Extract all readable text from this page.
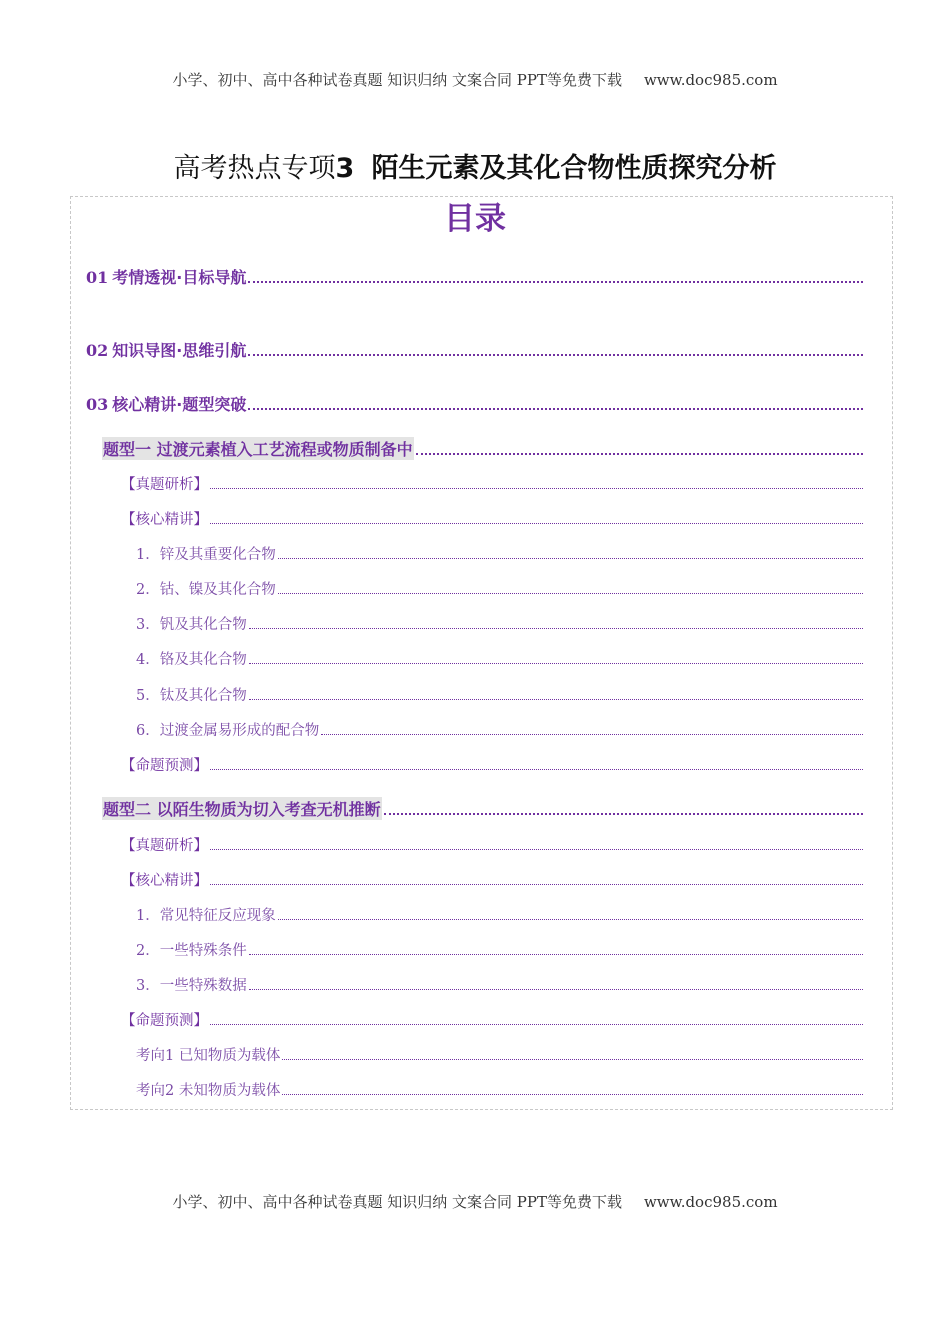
小学、初中、高中各种试卷真题 知识归纳 文案合同 PPT等免费下载 www.doc985.com
高考热点专项3 陌生元素及其化合物性质探究分析
目录
01 考情透视·目标导航
02 知识导图·思维引航
03 核心精讲·题型突破
题型一 过渡元素植入工艺流程或物质制备中
【真题研析】
【核心精讲】
1．锌及其重要化合物
2．钴、镍及其化合物
3．钒及其化合物
4．铬及其化合物
5．钛及其化合物
6．过渡金属易形成的配合物
【命题预测】
题型二 以陌生物质为切入考查无机推断
【真题研析】
【核心精讲】
1．常见特征反应现象
2．一些特殊条件
3．一些特殊数据
【命题预测】
考向1 已知物质为载体
考向2 未知物质为载体
小学、初中、高中各种试卷真题 知识归纳 文案合同 PPT等免费下载 www.doc985.com
